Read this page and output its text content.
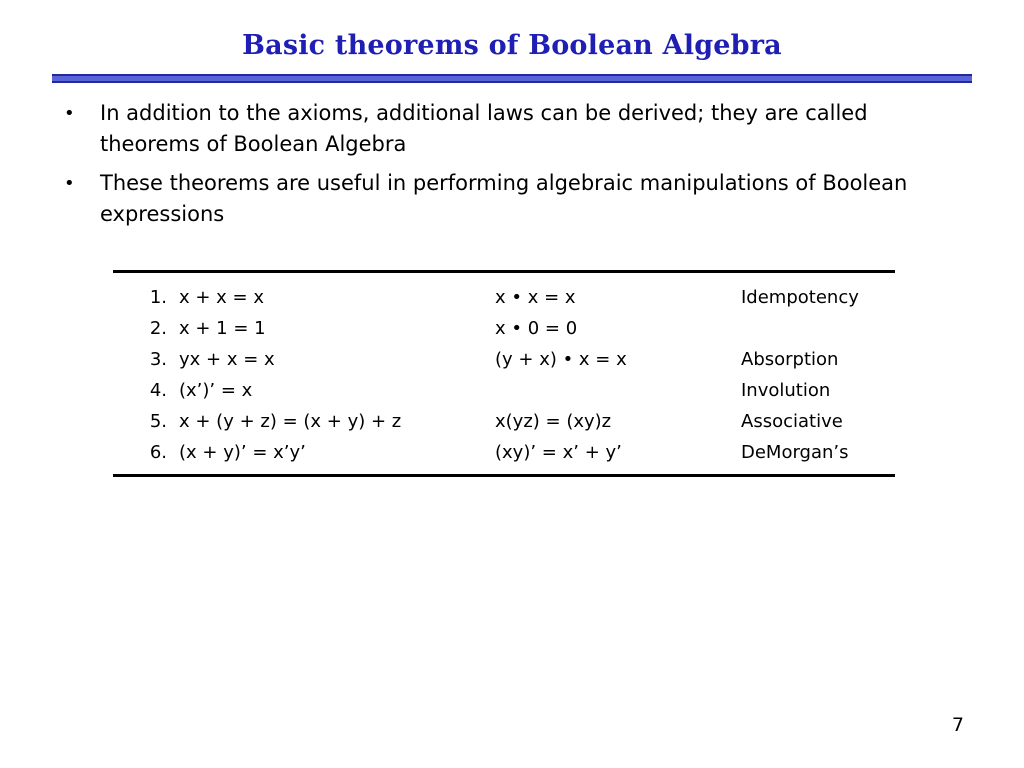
Basic theorems of Boolean Algebra
• In addition to the axioms, additional laws can be derived; they are called theorems of Boolean Algebra
• These theorems are useful in performing algebraic manipulations of Boolean expressions

1.	x + x = x	x • x = x	Idempotency
2.	x + 1 = 1	x • 0 = 0	
3.	yx + x = x	(y + x) • x = x	Absorption
4.	(x’)’ = x		Involution
5.	x + (y + z) = (x + y) + z	x(yz) = (xy)z	Associative
6.	(x + y)’ = x’y’	(xy)’ = x’ + y’	DeMorgan’s

7
